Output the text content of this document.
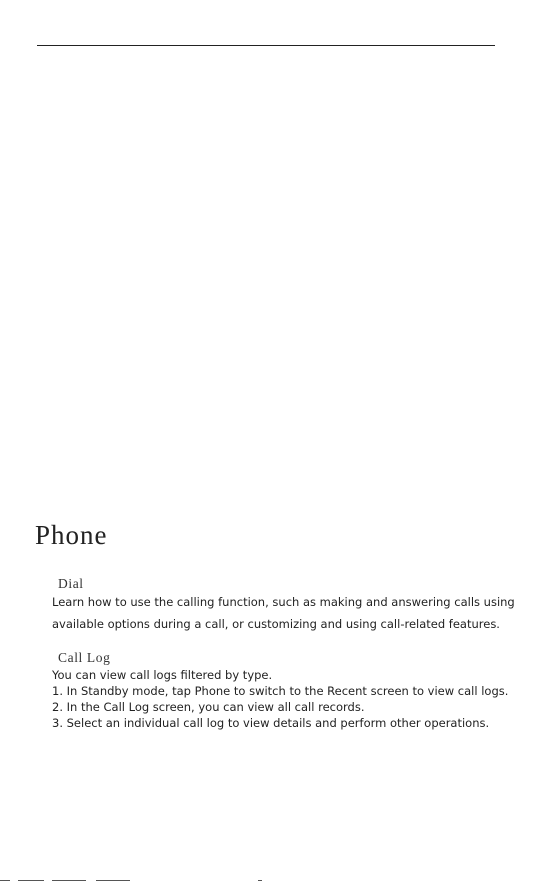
Phone
Dial
Learn how to use the calling function, such as making and answering calls using
available options during a call, or customizing and using call-related features.
Call Log
You can view call logs filtered by type.
1. In Standby mode, tap Phone to switch to the Recent screen to view call logs.
2. In the Call Log screen, you can view all call records.
3. Select an individual call log to view details and perform other operations.
